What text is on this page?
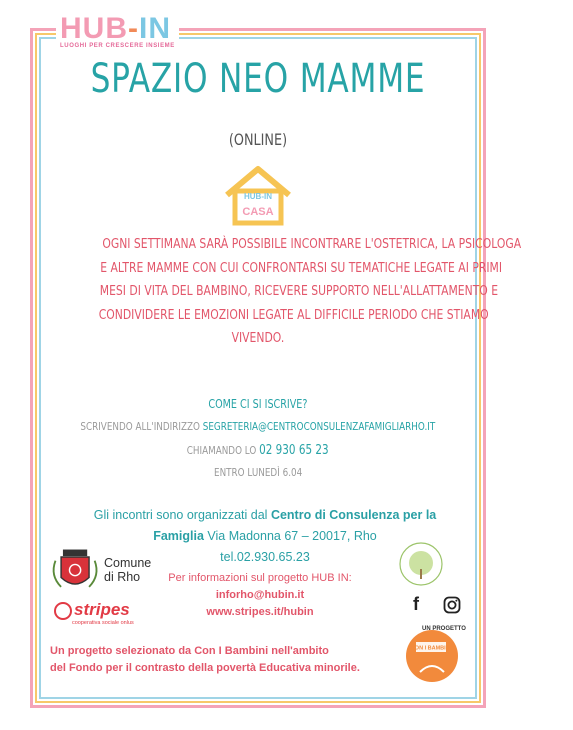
HUB-IN
LUOGHI PER CRESCERE INSIEME
SPAZIO NEO MAMME
(ONLINE)
HUB-IN
CASA
OGNI SETTIMANA SARÀ POSSIBILE INCONTRARE L'OSTETRICA, LA PSICOLOGA
E ALTRE MAMME CON CUI CONFRONTARSI SU TEMATICHE LEGATE AI PRIMI
MESI DI VITA DEL BAMBINO, RICEVERE SUPPORTO NELL'ALLATTAMENTO E
CONDIVIDERE LE EMOZIONI LEGATE AL DIFFICILE PERIODO CHE STIAMO
VIVENDO.
COME CI SI ISCRIVE?
SCRIVENDO ALL'INDIRIZZO SEGRETERIA@CENTROCONSULENZAFAMIGLIARHO.IT
CHIAMANDO LO 02 930 65 23
ENTRO LUNEDÌ 6.04
Gli incontri sono organizzati dal Centro di Consulenza per la
Famiglia Via Madonna 67 – 20017, Rho
tel.02.930.65.23
Comune
di Rho	Per informazioni sul progetto HUB IN:
inforho@hubin.it
www.stripes.it/hubin	f
stripes
cooperativa sociale onlus
Un progetto selezionato da Con I Bambini nell'ambito
del Fondo per il contrasto della povertà Educativa minorile.
UN PROGETTO
CON I BAMBINI
